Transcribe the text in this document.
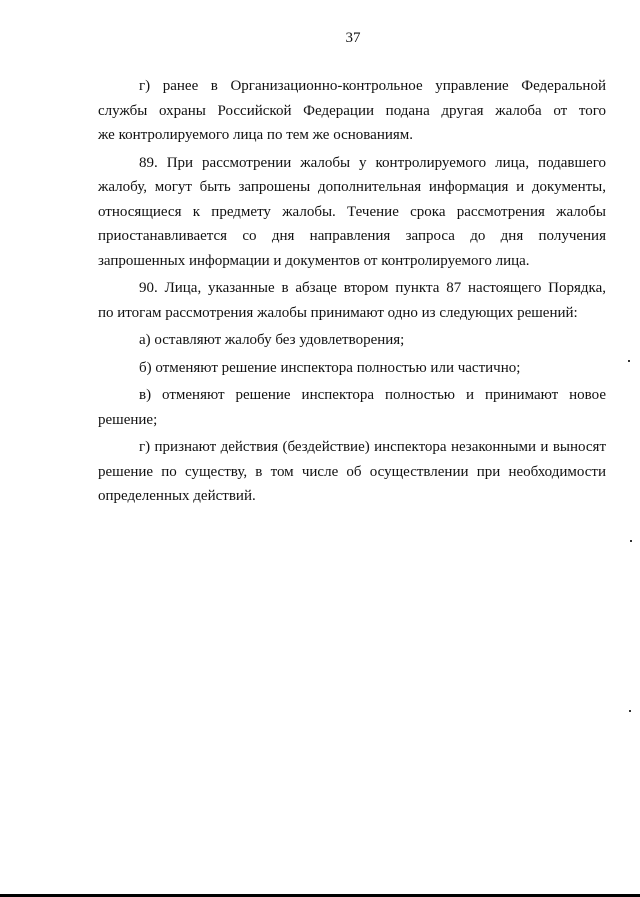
37
г) ранее в Организационно-контрольное управление Федеральной
службы охраны Российской Федерации подана другая жалоба от того
же контролируемого лица по тем же основаниям.
89. При рассмотрении жалобы у контролируемого лица, подавшего
жалобу, могут быть запрошены дополнительная информация и документы,
относящиеся к предмету жалобы. Течение срока рассмотрения жалобы
приостанавливается со дня направления запроса до дня получения
запрошенных информации и документов от контролируемого лица.
90. Лица, указанные в абзаце втором пункта 87 настоящего Порядка,
по итогам рассмотрения жалобы принимают одно из следующих решений:
а) оставляют жалобу без удовлетворения;
б) отменяют решение инспектора полностью или частично;
в) отменяют решение инспектора полностью и принимают новое
решение;
г) признают действия (бездействие) инспектора незаконными и выносят
решение по существу, в том числе об осуществлении при необходимости
определенных действий.
